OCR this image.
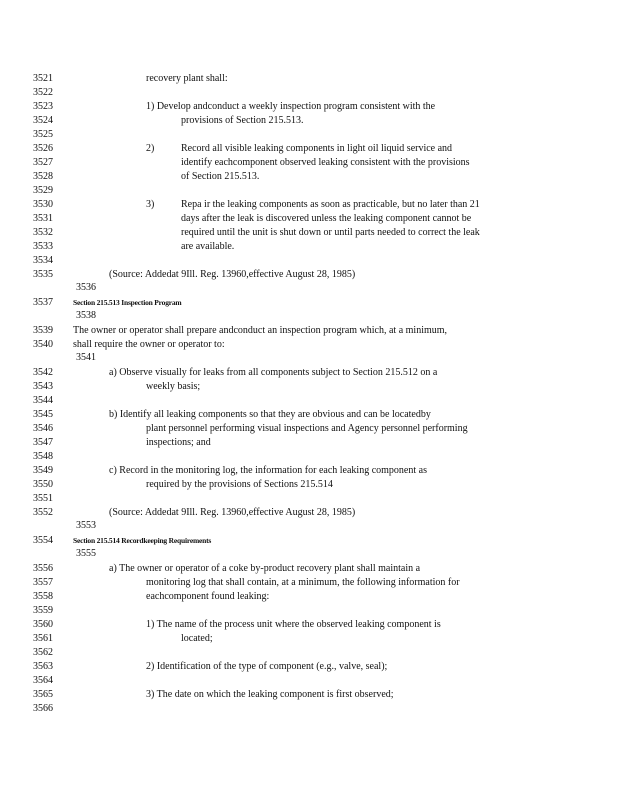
3521
3522
3523
3524
3525
3526
3527
3528
3529
3530
3531
3532
3533
3534
3535
3536
3537
3538
3539
3540
3541
3542
3543
3544
3545
3546
3547
3548
3549
3550
3551
3552
3553
3554
3555
3556
3557
3558
3559
3560
3561
3562
3563
3564
3565
3566
recovery plant shall:
1) Develop andconduct a weekly inspection program consistent with the
provisions of Section 215.513.
2)	Record all visible leaking components in light oil liquid service and
identify eachcomponent observed leaking consistent with the provisions
of Section 215.513.
3)	Repa ir the leaking components as soon as practicable, but no later than 21
days after the leak is discovered unless the leaking component cannot be
required until the unit is shut down or until parts needed to correct the leak
are available.
(Source: Addedat 9Ill. Reg. 13960,effective August 28, 1985)
Section 215.513 Inspection Program
The owner or operator shall prepare andconduct an inspection program which, at a minimum,
shall require the owner or operator to:
a) Observe visually for leaks from all components subject to Section 215.512 on a
weekly basis;
b) Identify all leaking components so that they are obvious and can be locatedby
plant personnel performing visual inspections and Agency personnel performing
inspections; and
c) Record in the monitoring log, the information for each leaking component as
required by the provisions of Sections 215.514
(Source: Addedat 9Ill. Reg. 13960,effective August 28, 1985)
Section 215.514 Recordkeeping Requirements
a) The owner or operator of a coke by-product recovery plant shall maintain a
monitoring log that shall contain, at a minimum, the following information for
eachcomponent found leaking:
1) The name of the process unit where the observed leaking component is
located;
2) Identification of the type of component (e.g., valve, seal);
3) The date on which the leaking component is first observed;
